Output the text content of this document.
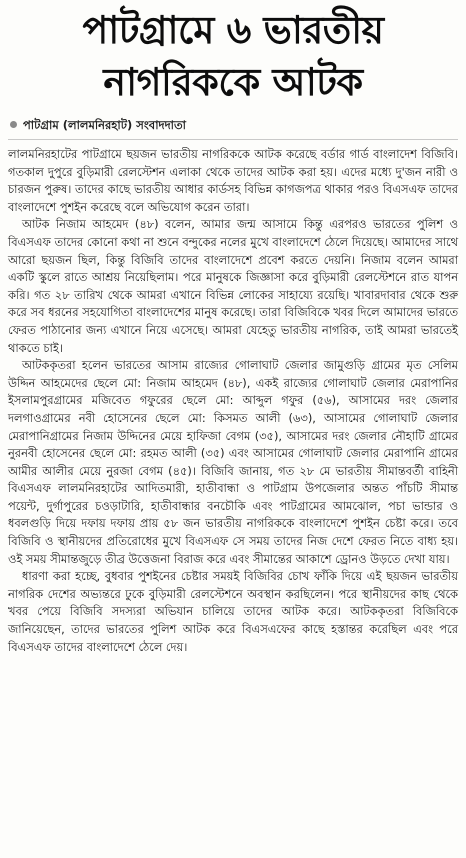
পাটগ্রামে ৬ ভারতীয়
নাগরিককে আটক
পাটগ্রাম (লালমনিরহাট) সংবাদদাতা

লালমনিরহাটের পাটগ্রামে ছয়জন ভারতীয় নাগরিককে আটক করেছে বর্ডার গার্ড বাংলাদেশ বিজিবি। গতকাল দুপুরে বুড়িমারী রেলস্টেশন এলাকা থেকে তাদের আটক করা হয়। এদের মধ্যে দু'জন নারী ও চারজন পুরুষ। তাদের কাছে ভারতীয় আধার কার্ডসহ বিভিন্ন কাগজপত্র থাকার পরও বিএসএফ তাদের বাংলাদেশে পুশইন করেছে বলে অভিযোগ করেন তারা।

আটক নিজাম আহমেদ (৪৮) বলেন, আমার জন্ম আসামে কিন্তু এরপরও ভারতের পুলিশ ও বিএসএফ তাদের কোনো কথা না শুনে বন্দুকের নলের মুখে বাংলাদেশে ঠেলে দিয়েছে। আমাদের সাথে আরো ছয়জন ছিল, কিন্তু বিজিবি তাদের বাংলাদেশে প্রবেশ করতে দেয়নি। নিজাম বলেন আমরা একটি স্কুলে রাতে আশ্রয় নিয়েছিলাম। পরে মানুষকে জিজ্ঞাসা করে বুড়িমারী রেলস্টেশনে রাত যাপন করি। গত ২৮ তারিখ থেকে আমরা এখানে বিভিন্ন লোকের সাহায্যে রয়েছি। খাবারদাবার থেকে শুরু করে সব ধরনের সহযোগিতা বাংলাদেশের মানুষ করেছে। তারা বিজিবিকে খবর দিলে আমাদের ভারতে ফেরত পাঠানোর জন্য এখানে নিয়ে এসেছে। আমরা যেহেতু ভারতীয় নাগরিক, তাই আমরা ভারতেই থাকতে চাই।

আটককৃতরা হলেন ভারতের আসাম রাজ্যের গোলাঘাট জেলার জামুগুড়ি গ্রামের মৃত সেলিম উদ্দিন আহমেদের ছেলে মো: নিজাম আহমেদ (৪৮), একই রাজ্যের গোলাঘাট জেলার মেরাপানির ইসলামপুরগ্রামের মজিবেত গফুরের ছেলে মো: আব্দুল গফুর (৫৬), আসামের দরং জেলার দলগাওগ্রামের নবী হোসেনের ছেলে মো: কিসমত আলী (৬৩), আসামের গোলাঘাট জেলার মেরাপানিগ্রামের নিজাম উদ্দিনের মেয়ে হাফিজা বেগম (৩৫), আসামের দরং জেলার নৌহাটি গ্রামের নুরনবী হোসেনের ছেলে মো: রহমত আলী (৩৫) এবং আসামের গোলাঘাট জেলার মেরাপানি গ্রামের আমীর আলীর মেয়ে নুরজা বেগম (৪৫)। বিজিবি জানায়, গত ২৮ মে ভারতীয় সীমান্তবর্তী বাহিনী বিএসএফ লালমনিরহাটের আদিতমারী, হাতীবান্ধা ও পাটগ্রাম উপজেলার অন্তত পাঁচটি সীমান্ত পয়েন্ট, দুর্গাপুরের চওড়াটারি, হাতীবান্ধার বনচৌকি এবং পাটগ্রামের আমঝোল, পচা ভান্ডার ও ধবলগুড়ি দিয়ে দফায় দফায় প্রায় ৫৮ জন ভারতীয় নাগরিককে বাংলাদেশে পুশইন চেষ্টা করে। তবে বিজিবি ও স্থানীয়দের প্রতিরোধের মুখে বিএসএফ সে সময় তাদের নিজ দেশে ফেরত নিতে বাধ্য হয়। ওই সময় সীমান্তজুড়ে তীব্র উত্তেজনা বিরাজ করে এবং সীমান্তের আকাশে ড্রোনও উড়তে দেখা যায়।

ধারণা করা হচ্ছে, বুধবার পুশইনের চেষ্টার সময়ই বিজিবির চোখ ফাঁকি দিয়ে এই ছয়জন ভারতীয় নাগরিক দেশের অভ্যন্তরে ঢুকে বুড়িমারী রেলস্টেশনে অবস্থান করছিলেন। পরে স্থানীয়দের কাছ থেকে খবর পেয়ে বিজিবি সদস্যরা অভিযান চালিয়ে তাদের আটক করে। আটককৃতরা বিজিবিকে জানিয়েছেন, তাদের ভারতের পুলিশ আটক করে বিএসএফের কাছে হস্তান্তর করেছিল এবং পরে বিএসএফ তাদের বাংলাদেশে ঠেলে দেয়।
